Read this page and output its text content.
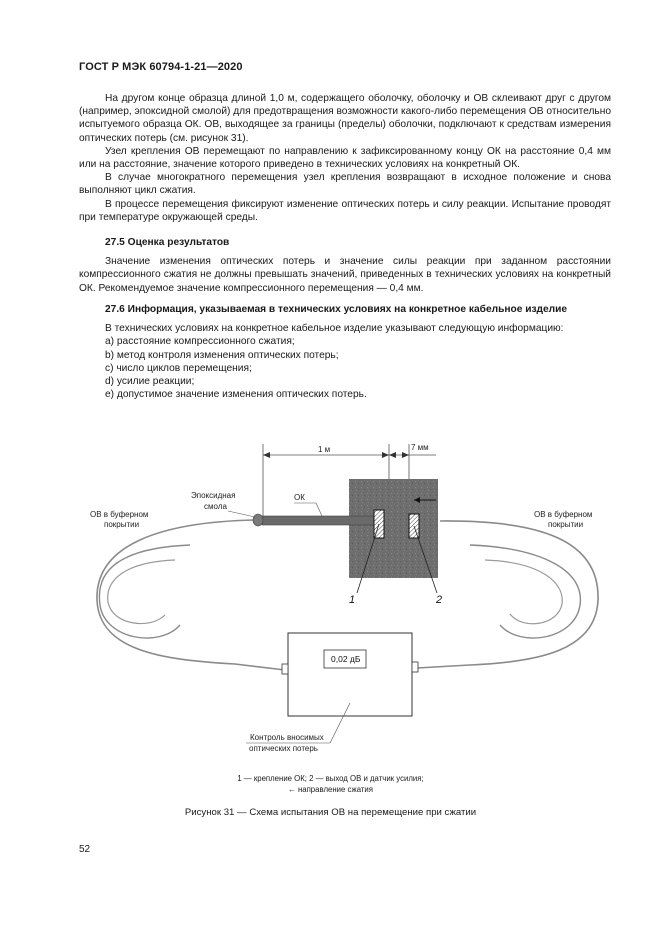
ГОСТ Р МЭК 60794-1-21—2020

На другом конце образца длиной 1,0 м, содержащего оболочку, оболочку и ОВ склеивают друг с другом (например, эпоксидной смолой) для предотвращения возможности какого-либо перемещения ОВ относительно испытуемого образца ОК. ОВ, выходящее за границы (пределы) оболочки, подключают к средствам измерения оптических потерь (см. рисунок 31).

Узел крепления ОВ перемещают по направлению к зафиксированному концу ОК на расстояние 0,4 мм или на расстояние, значение которого приведено в технических условиях на конкретный ОК.

В случае многократного перемещения узел крепления возвращают в исходное положение и снова выполняют цикл сжатия.

В процессе перемещения фиксируют изменение оптических потерь и силу реакции. Испытание проводят при температуре окружающей среды.

27.5 Оценка результатов

Значение изменения оптических потерь и значение силы реакции при заданном расстоянии компрессионного сжатия не должны превышать значений, приведенных в технических условиях на конкретный ОК. Рекомендуемое значение компрессионного перемещения — 0,4 мм.

27.6 Информация, указываемая в технических условиях на конкретное кабельное изделие

В технических условиях на конкретное кабельное изделие указывают следующую информацию:

a) расстояние компрессионного сжатия;

b) метод контроля изменения оптических потерь;

c) число циклов перемещения;

d) усилие реакции;

e) допустимое значение изменения оптических потерь.

1 м	7 мм
ОК
Эпоксидная смола
ОВ в буферном покрытии
ОВ в буферном покрытии
1	2
0,02 дБ
Контроль вносимых оптических потерь
1 — крепление ОК; 2 — выход ОВ и датчик усилия;
← направление сжатия
Рисунок 31 — Схема испытания ОВ на перемещение при сжатии
52
